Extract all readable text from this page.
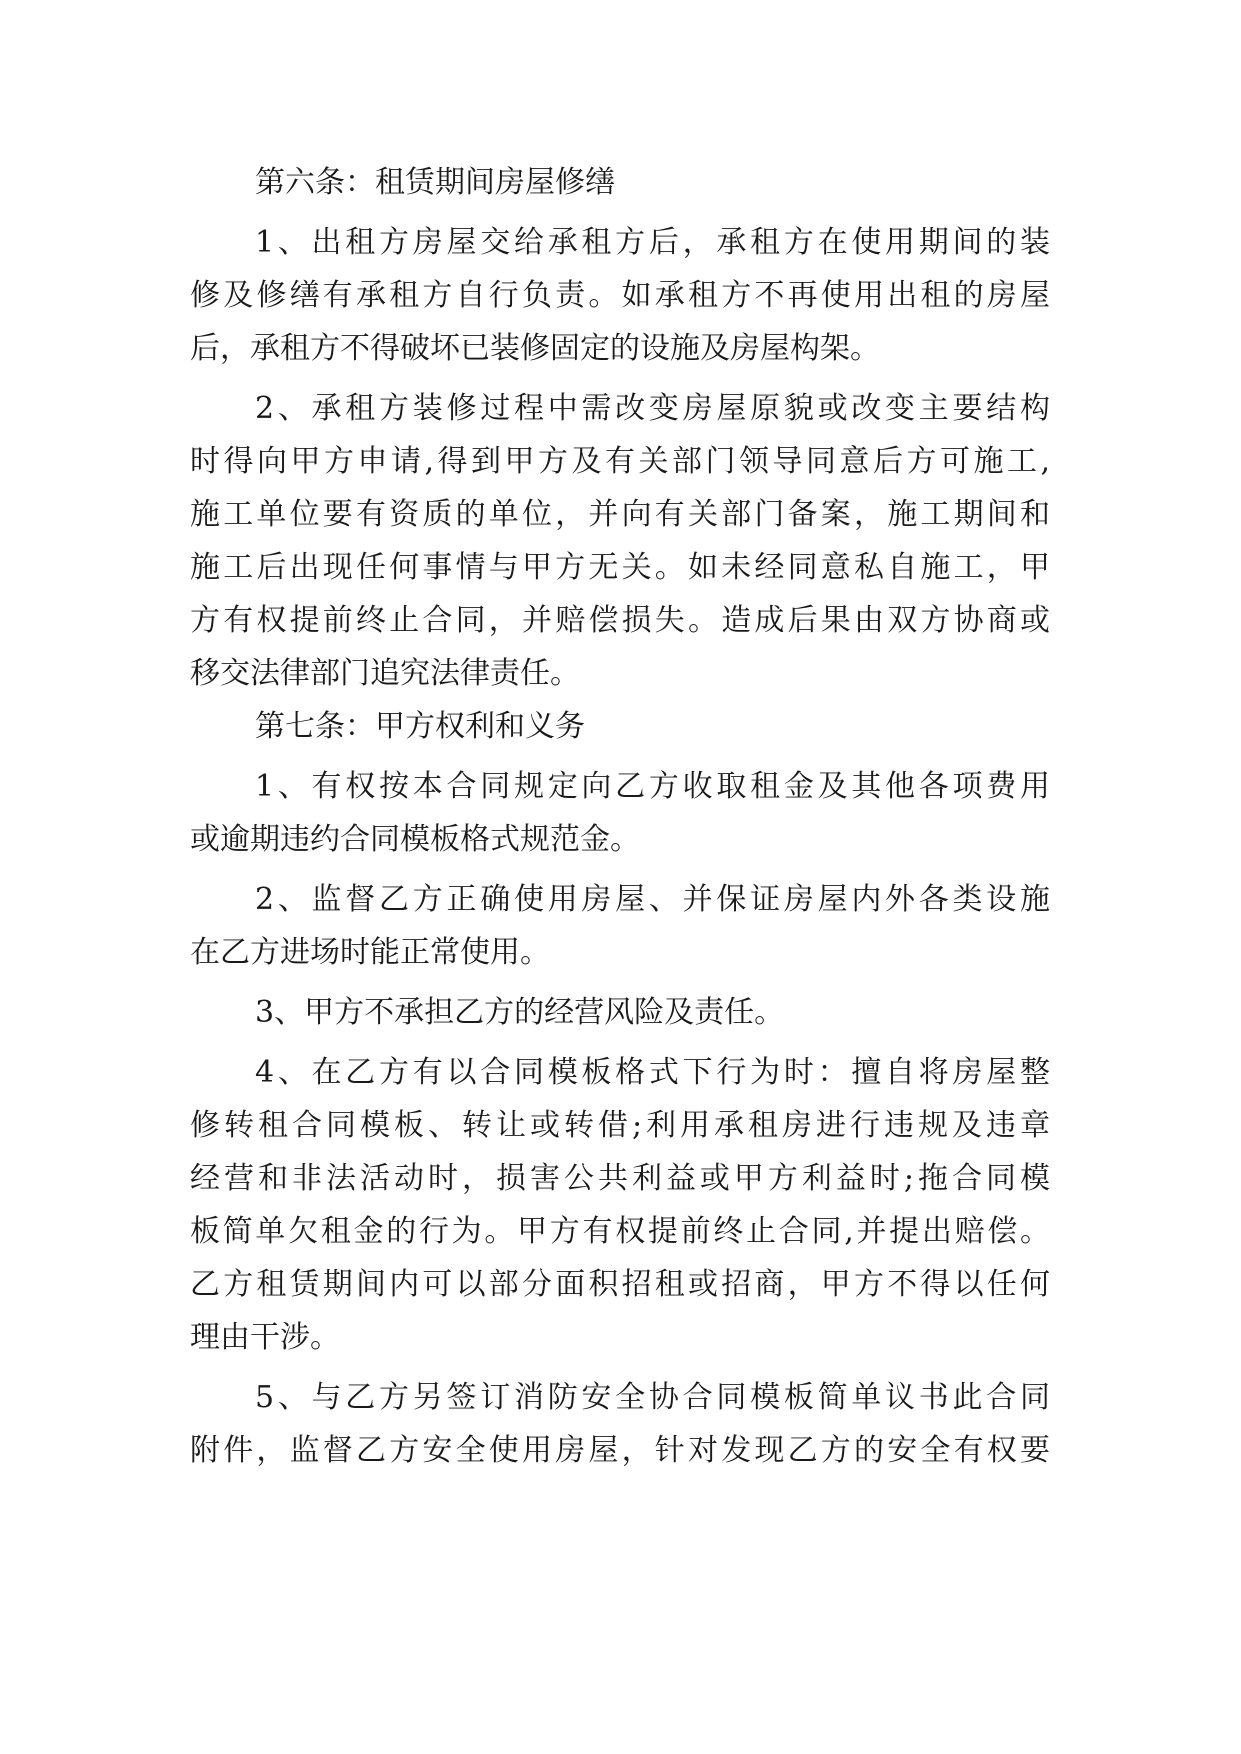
第六条：租赁期间房屋修缮
1、出租方房屋交给承租方后，承租方在使用期间的装
修及修缮有承租方自行负责。如承租方不再使用出租的房屋
后，承租方不得破坏已装修固定的设施及房屋构架。
2、承租方装修过程中需改变房屋原貌或改变主要结构
时得向甲方申请,得到甲方及有关部门领导同意后方可施工,
施工单位要有资质的单位，并向有关部门备案，施工期间和
施工后出现任何事情与甲方无关。如未经同意私自施工，甲
方有权提前终止合同，并赔偿损失。造成后果由双方协商或
移交法律部门追究法律责任。
第七条：甲方权利和义务
1、有权按本合同规定向乙方收取租金及其他各项费用
或逾期违约合同模板格式规范金。
2、监督乙方正确使用房屋、并保证房屋内外各类设施
在乙方进场时能正常使用。
3、甲方不承担乙方的经营风险及责任。
4、在乙方有以合同模板格式下行为时：擅自将房屋整
修转租合同模板、转让或转借;利用承租房进行违规及违章
经营和非法活动时，损害公共利益或甲方利益时;拖合同模
板简单欠租金的行为。甲方有权提前终止合同,并提出赔偿。
乙方租赁期间内可以部分面积招租或招商，甲方不得以任何
理由干涉。
5、与乙方另签订消防安全协合同模板简单议书此合同
附件，监督乙方安全使用房屋，针对发现乙方的安全有权要
